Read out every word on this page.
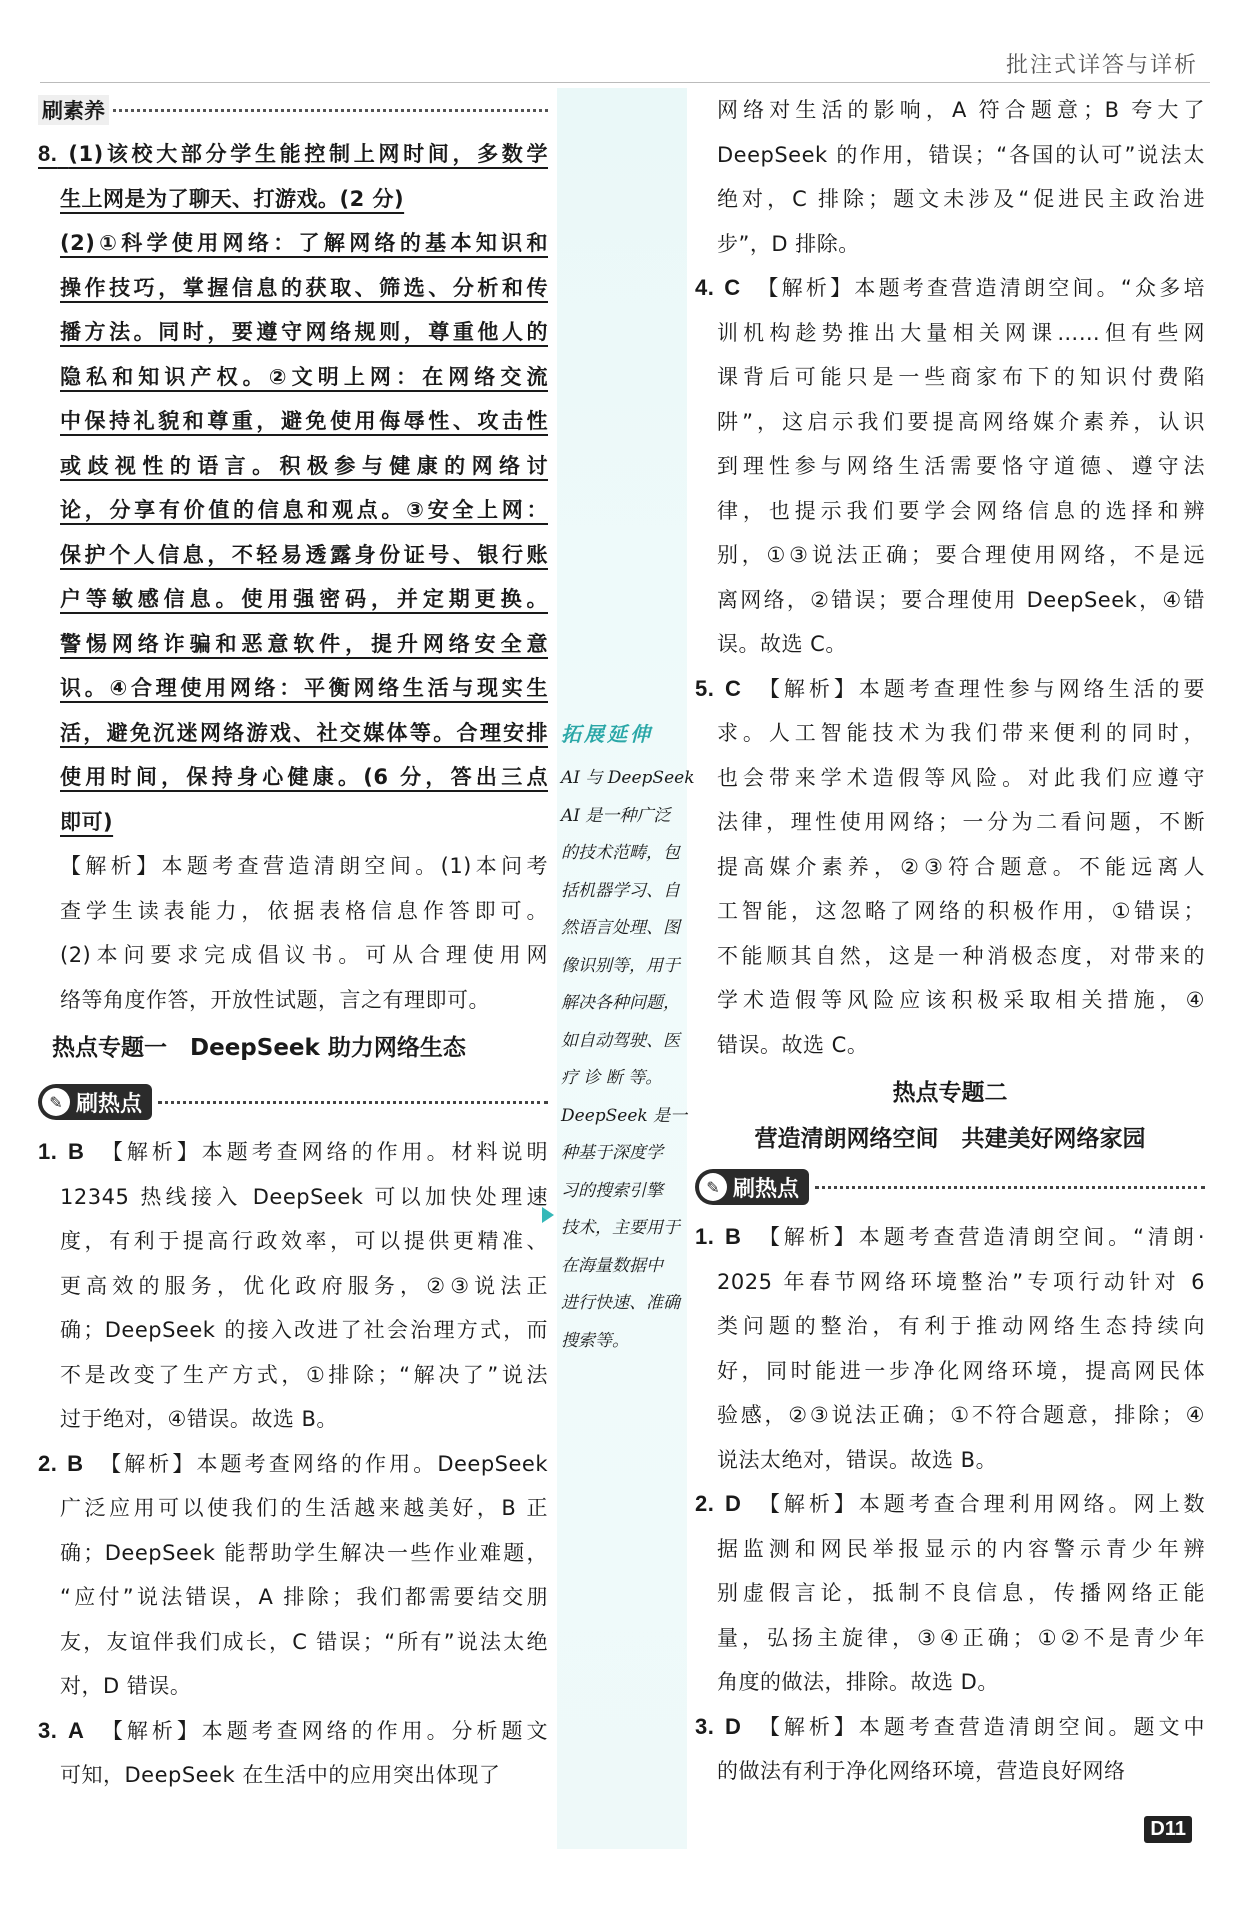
批注式详答与详析
刷素养
8. (1)该校大部分学生能控制上网时间，多数学
生上网是为了聊天、打游戏。(2 分)
(2)①科学使用网络：了解网络的基本知识和
操作技巧，掌握信息的获取、筛选、分析和传
播方法。同时，要遵守网络规则，尊重他人的
隐私和知识产权。②文明上网：在网络交流
中保持礼貌和尊重，避免使用侮辱性、攻击性
或歧视性的语言。积极参与健康的网络讨
论，分享有价值的信息和观点。③安全上网：
保护个人信息，不轻易透露身份证号、银行账
户等敏感信息。使用强密码，并定期更换。
警惕网络诈骗和恶意软件，提升网络安全意
识。④合理使用网络：平衡网络生活与现实生
活，避免沉迷网络游戏、社交媒体等。合理安排
使用时间，保持身心健康。(6 分，答出三点
即可)
【解析】本题考查营造清朗空间。(1)本问考
查学生读表能力，依据表格信息作答即可。
(2)本问要求完成倡议书。可从合理使用网
络等角度作答，开放性试题，言之有理即可。
热点专题一　DeepSeek 助力网络生态
✎ 刷热点
1. B 【解析】本题考查网络的作用。材料说明
12345 热线接入 DeepSeek 可以加快处理速
度，有利于提高行政效率，可以提供更精准、
更高效的服务，优化政府服务，②③说法正
确；DeepSeek 的接入改进了社会治理方式，而
不是改变了生产方式，①排除；“解决了”说法
过于绝对，④错误。故选 B。
2. B 【解析】本题考查网络的作用。DeepSeek
广泛应用可以使我们的生活越来越美好，B 正
确；DeepSeek 能帮助学生解决一些作业难题，
“应付”说法错误，A 排除；我们都需要结交朋
友，友谊伴我们成长，C 错误；“所有”说法太绝
对，D 错误。
3. A 【解析】本题考查网络的作用。分析题文
可知，DeepSeek 在生活中的应用突出体现了
拓展延伸
AI 与 DeepSeek
AI 是一种广泛
的技术范畴，包
括机器学习、自
然语言处理、图
像识别等，用于
解决各种问题，
如自动驾驶、医
疗 诊 断 等。
DeepSeek 是一
种基于深度学
习的搜索引擎
技术，主要用于
在海量数据中
进行快速、准确
搜索等。
网络对生活的影响，A 符合题意；B 夸大了
DeepSeek 的作用，错误；“各国的认可”说法太
绝对，C 排除；题文未涉及“促进民主政治进
步”，D 排除。
4. C 【解析】本题考查营造清朗空间。“众多培
训机构趁势推出大量相关网课……但有些网
课背后可能只是一些商家布下的知识付费陷
阱”，这启示我们要提高网络媒介素养，认识
到理性参与网络生活需要恪守道德、遵守法
律，也提示我们要学会网络信息的选择和辨
别，①③说法正确；要合理使用网络，不是远
离网络，②错误；要合理使用 DeepSeek，④错
误。故选 C。
5. C 【解析】本题考查理性参与网络生活的要
求。人工智能技术为我们带来便利的同时，
也会带来学术造假等风险。对此我们应遵守
法律，理性使用网络；一分为二看问题，不断
提高媒介素养，②③符合题意。不能远离人
工智能，这忽略了网络的积极作用，①错误；
不能顺其自然，这是一种消极态度，对带来的
学术造假等风险应该积极采取相关措施，④
错误。故选 C。
热点专题二
营造清朗网络空间　共建美好网络家园
✎ 刷热点
1. B 【解析】本题考查营造清朗空间。“清朗·
2025 年春节网络环境整治”专项行动针对 6
类问题的整治，有利于推动网络生态持续向
好，同时能进一步净化网络环境，提高网民体
验感，②③说法正确；①不符合题意，排除；④
说法太绝对，错误。故选 B。
2. D 【解析】本题考查合理利用网络。网上数
据监测和网民举报显示的内容警示青少年辨
别虚假言论，抵制不良信息，传播网络正能
量，弘扬主旋律，③④正确；①②不是青少年
角度的做法，排除。故选 D。
3. D 【解析】本题考查营造清朗空间。题文中
的做法有利于净化网络环境，营造良好网络
D11
